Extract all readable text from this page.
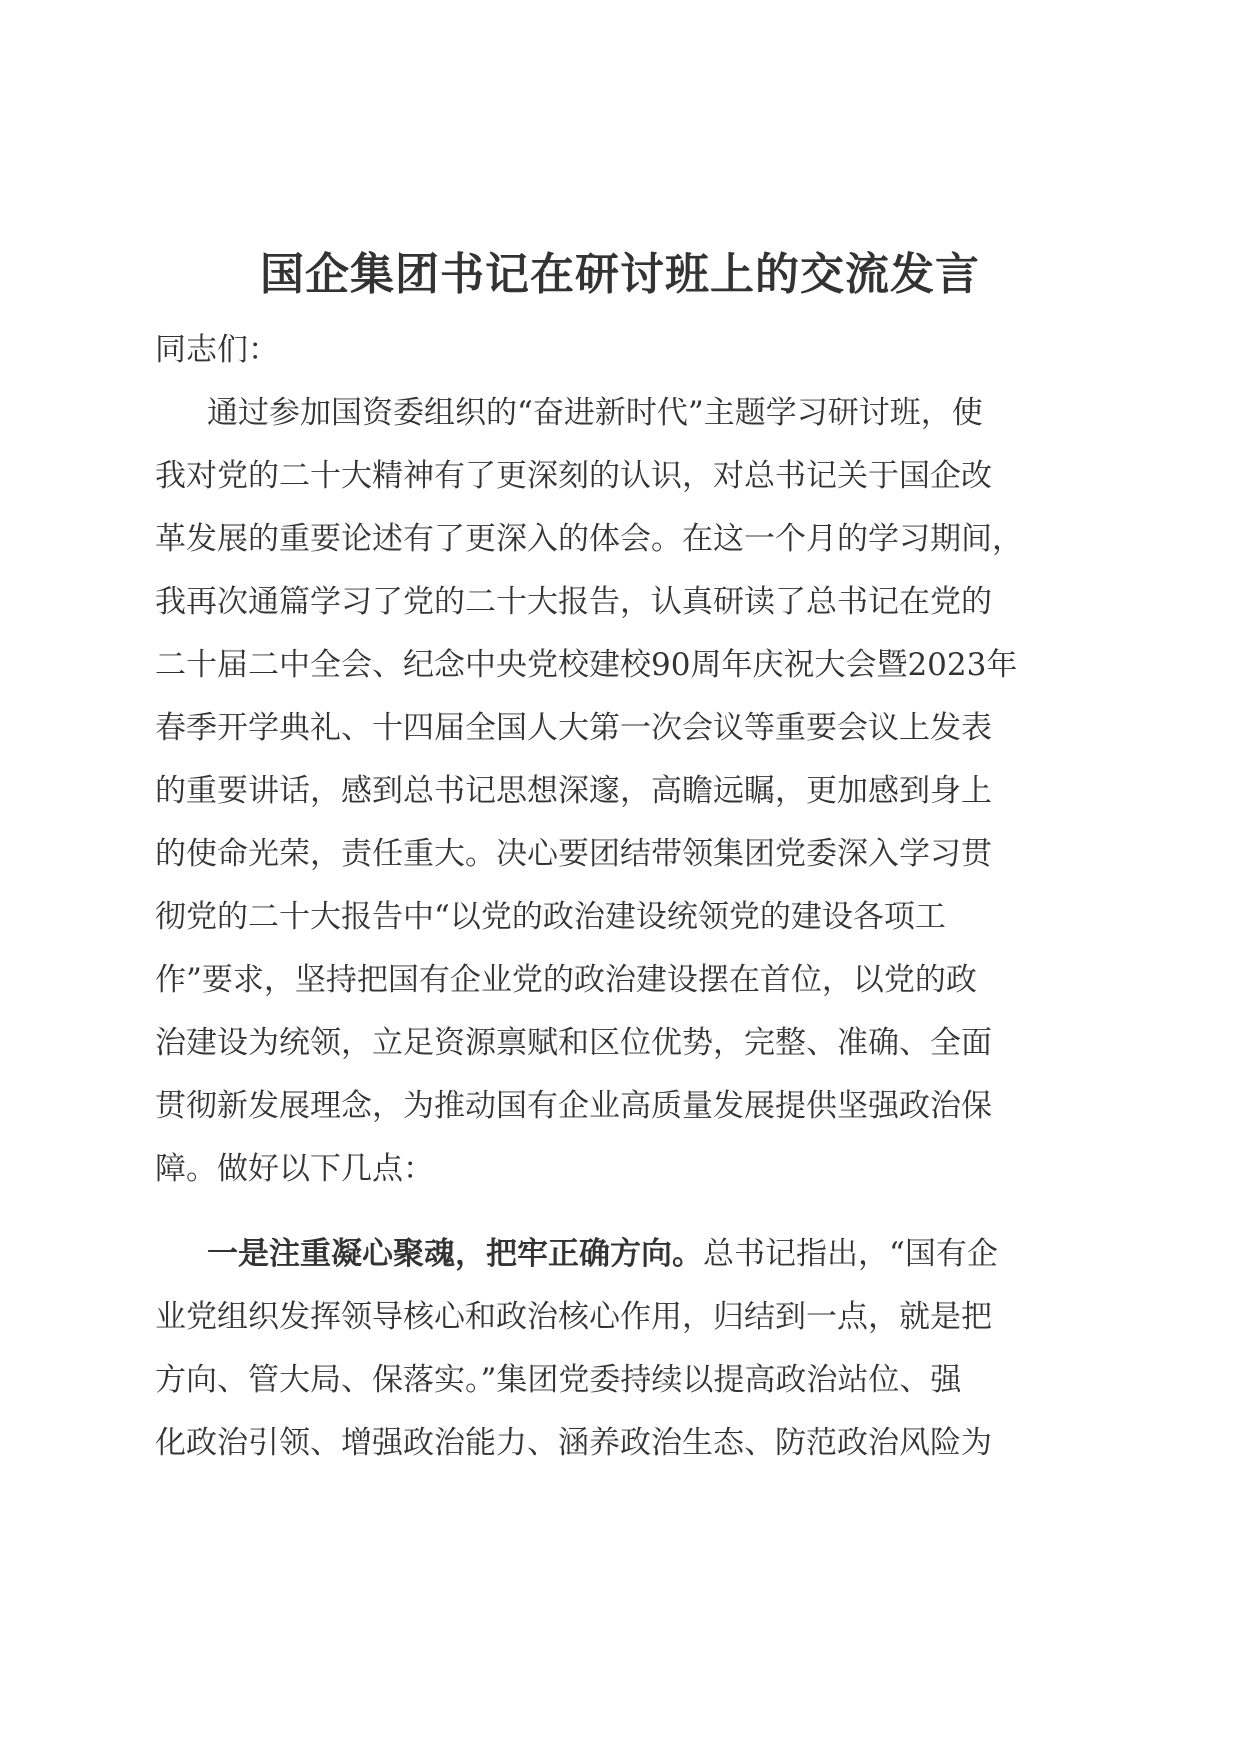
国企集团书记在研讨班上的交流发言

同志们：

通过参加国资委组织的“奋进新时代”主题学习研讨班，使

我对党的二十大精神有了更深刻的认识，对总书记关于国企改

革发展的重要论述有了更深入的体会。在这一个月的学习期间，

我再次通篇学习了党的二十大报告，认真研读了总书记在党的

二十届二中全会、纪念中央党校建校90周年庆祝大会暨2023年

春季开学典礼、十四届全国人大第一次会议等重要会议上发表

的重要讲话，感到总书记思想深邃，高瞻远瞩，更加感到身上

的使命光荣，责任重大。决心要团结带领集团党委深入学习贯

彻党的二十大报告中“以党的政治建设统领党的建设各项工

作”要求，坚持把国有企业党的政治建设摆在首位，以党的政

治建设为统领，立足资源禀赋和区位优势，完整、准确、全面

贯彻新发展理念，为推动国有企业高质量发展提供坚强政治保

障。做好以下几点：

一是注重凝心聚魂，把牢正确方向。总书记指出，“国有企

业党组织发挥领导核心和政治核心作用，归结到一点，就是把

方向、管大局、保落实。”集团党委持续以提高政治站位、强

化政治引领、增强政治能力、涵养政治生态、防范政治风险为
